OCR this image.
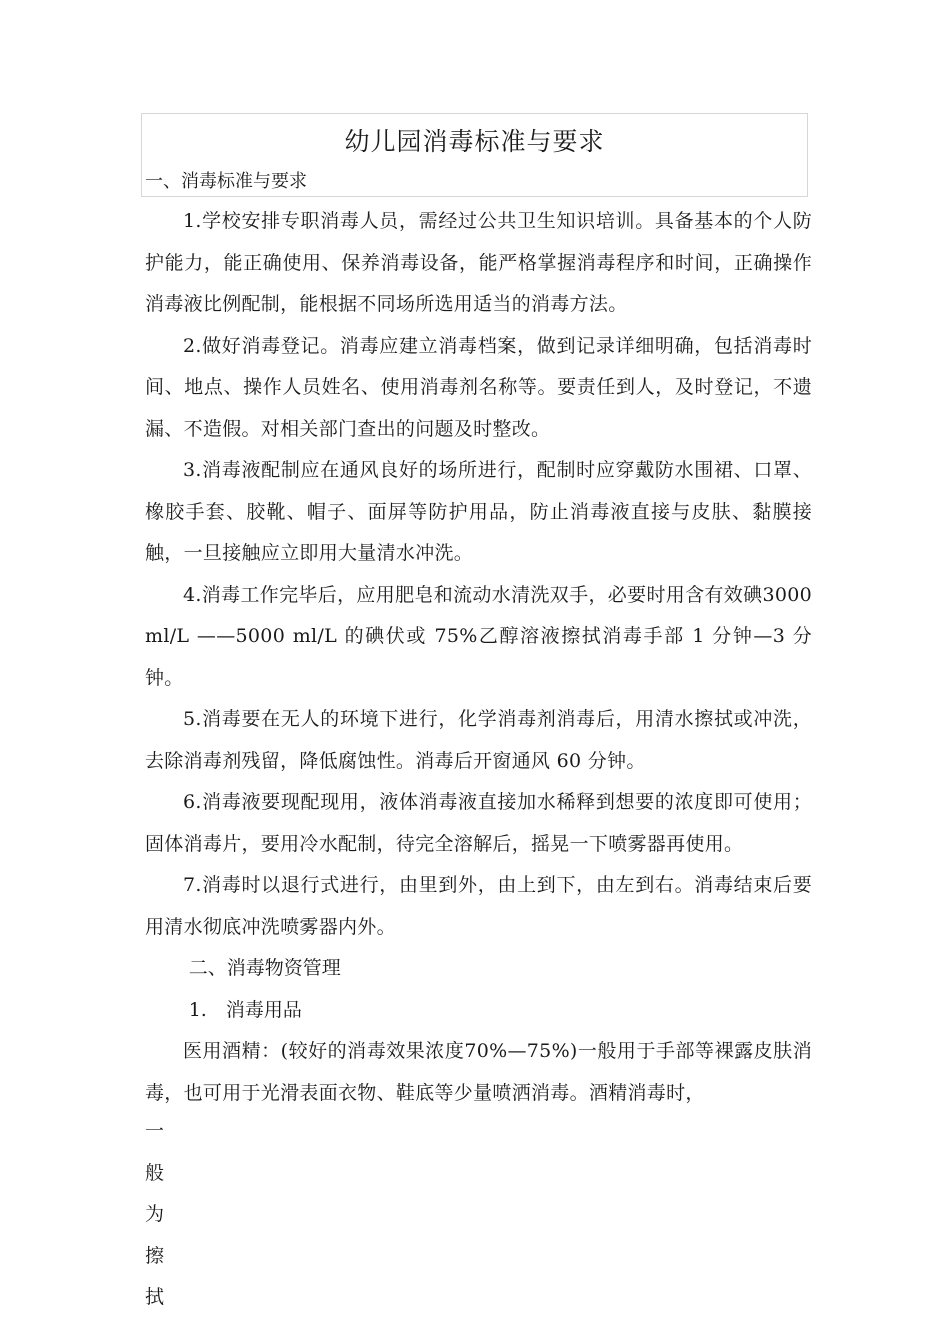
幼儿园消毒标准与要求
一、消毒标准与要求

1.学校安排专职消毒人员，需经过公共卫生知识培训。具备基本的个人防护能力，能正确使用、保养消毒设备，能严格掌握消毒程序和时间，正确操作消毒液比例配制，能根据不同场所选用适当的消毒方法。

2.做好消毒登记。消毒应建立消毒档案，做到记录详细明确，包括消毒时间、地点、操作人员姓名、使用消毒剂名称等。要责任到人，及时登记，不遗漏、不造假。对相关部门查出的问题及时整改。

3.消毒液配制应在通风良好的场所进行，配制时应穿戴防水围裙、口罩、橡胶手套、胶靴、帽子、面屏等防护用品，防止消毒液直接与皮肤、黏膜接触，一旦接触应立即用大量清水冲洗。

4.消毒工作完毕后，应用肥皂和流动水清洗双手，必要时用含有效碘3000 ml/L ——5000 ml/L 的碘伏或 75%乙醇溶液擦拭消毒手部 1 分钟—3 分钟。

5.消毒要在无人的环境下进行，化学消毒剂消毒后，用清水擦拭或冲洗，去除消毒剂残留，降低腐蚀性。消毒后开窗通风 60 分钟。

6.消毒液要现配现用，液体消毒液直接加水稀释到想要的浓度即可使用；固体消毒片，要用冷水配制，待完全溶解后，摇晃一下喷雾器再使用。

7.消毒时以退行式进行，由里到外，由上到下，由左到右。消毒结束后要用清水彻底冲洗喷雾器内外。

二、消毒物资管理

1.　消毒用品

医用酒精：(较好的消毒效果浓度70%—75%)一般用于手部等裸露皮肤消毒，也可用于光滑表面衣物、鞋底等少量喷洒消毒。酒精消毒时，

一
般
为
擦
拭
